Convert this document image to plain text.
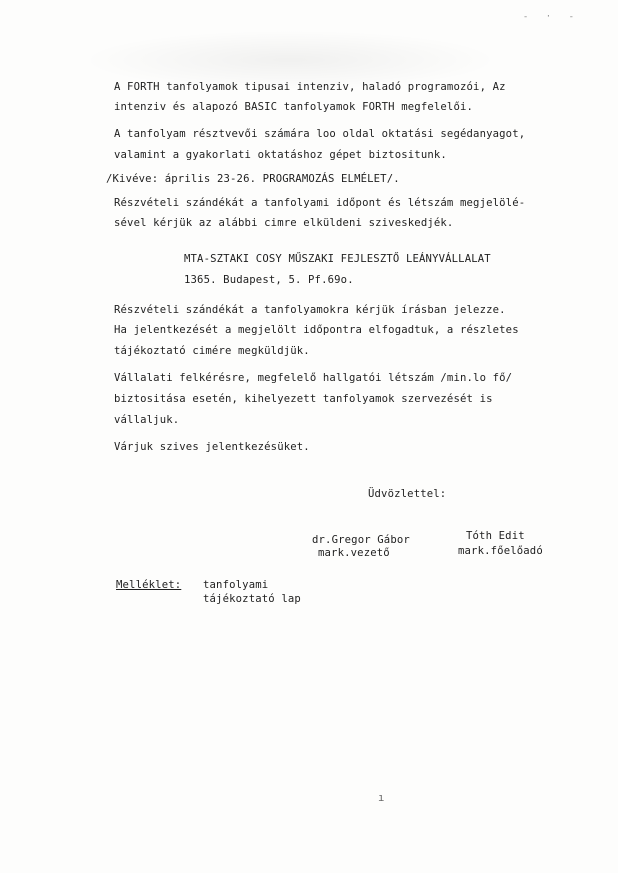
- · -
A FORTH tanfolyamok tipusai intenziv, haladó programozói, Az
intenziv és alapozó BASIC tanfolyamok FORTH megfelelői.
A tanfolyam résztvevői számára loo oldal oktatási segédanyagot,
valamint a gyakorlati oktatáshoz gépet biztositunk.
/Kivéve: április 23-26. PROGRAMOZÁS ELMÉLET/.
Részvételi szándékát a tanfolyami időpont és létszám megjelölé-
sével kérjük az alábbi cimre elküldeni sziveskedjék.
MTA-SZTAKI COSY MŰSZAKI FEJLESZTŐ LEÁNYVÁLLALAT
1365. Budapest, 5. Pf.69o.
Részvételi szándékát a tanfolyamokra kérjük írásban jelezze.
Ha jelentkezését a megjelölt időpontra elfogadtuk, a részletes
tájékoztató cimére megküldjük.
Vállalati felkérésre, megfelelő hallgatói létszám /min.lo fő/
biztositása esetén, kihelyezett tanfolyamok szervezését is
vállaljuk.
Várjuk szives jelentkezésüket.
Üdvözlettel:
dr.Gregor Gábor
mark.vezető
Tóth Edit
mark.főelőadó
Melléklet: tanfolyami
tájékoztató lap
ı
